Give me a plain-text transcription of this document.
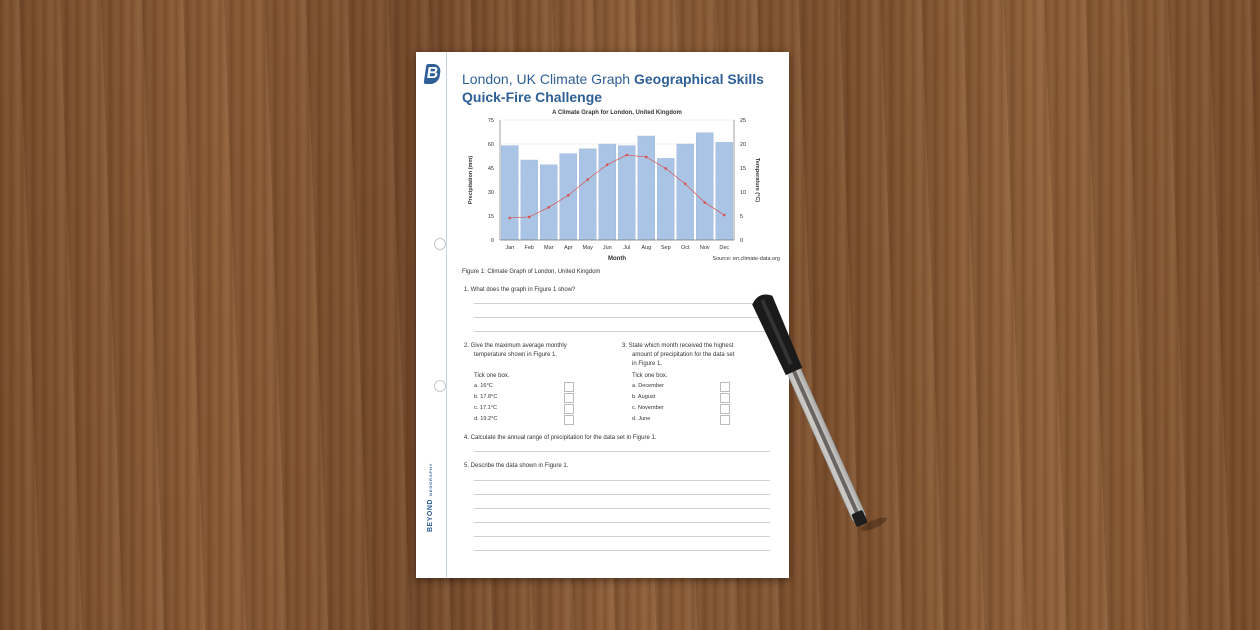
B
BEYONDGEOGRAPHY
London, UK Climate Graph Geographical Skills Quick-Fire Challenge
A Climate Graph for London, United Kingdom
0
15
30
45
60
75
0
5
10
15
20
25
Jan Feb Mar Apr May Jun Jul Aug Sep Oct Nov Dec
Month
Precipitation (mm)	Temperature (°C)
Source: en.climate-data.org
Figure 1: Climate Graph of London, United Kingdom
1. What does the graph in Figure 1 show?
2. Give the maximum average monthly
temperature shown in Figure 1.
Tick one box.
a. 16°C
b. 17.8°C
c. 17.1°C
d. 19.2°C
3. State which month received the highest
amount of precipitation for the data set
in Figure 1.
Tick one box.
a. December
b. August
c. November
d. June
4. Calculate the annual range of precipitation for the data set in Figure 1.
5. Describe the data shown in Figure 1.
